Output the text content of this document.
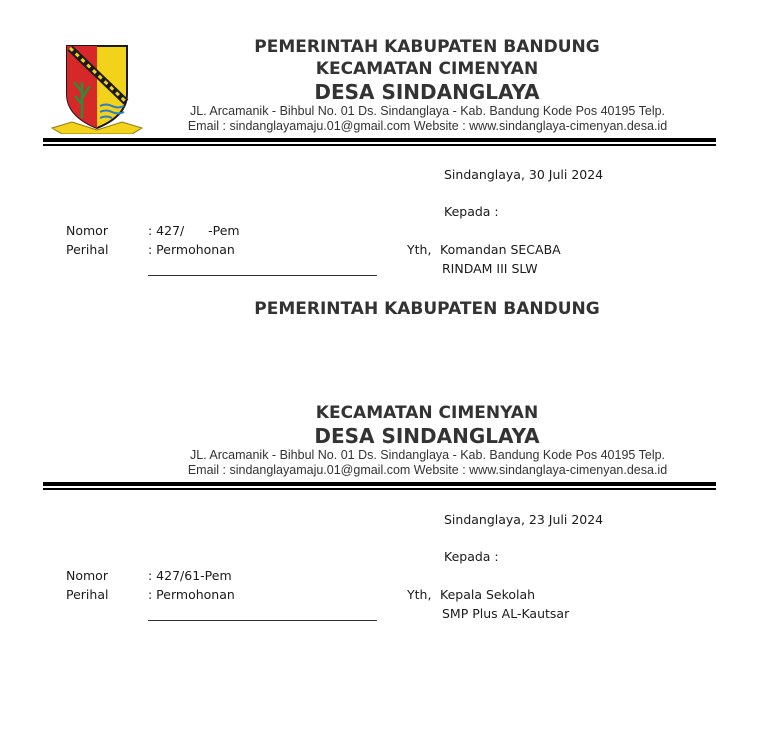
PEMERINTAH KABUPATEN BANDUNG
KECAMATAN CIMENYAN
DESA SINDANGLAYA
JL. Arcamanik - Bihbul No. 01 Ds. Sindanglaya - Kab. Bandung Kode Pos 40195 Telp.
Email : sindanglayamaju.01@gmail.com Website : www.sindanglaya-cimenyan.desa.id
Sindanglaya, 30 Juli 2024
Kepada :
Nomor	: 427/      -Pem
Perihal	: Permohonan	Yth, Komandan SECABA
RINDAM III SLW
PEMERINTAH KABUPATEN BANDUNG
KECAMATAN CIMENYAN
DESA SINDANGLAYA
JL. Arcamanik - Bihbul No. 01 Ds. Sindanglaya - Kab. Bandung Kode Pos 40195 Telp.
Email : sindanglayamaju.01@gmail.com Website : www.sindanglaya-cimenyan.desa.id
Sindanglaya, 23 Juli 2024
Kepada :
Nomor	: 427/61-Pem
Perihal	: Permohonan	Yth, Kepala Sekolah
SMP Plus AL-Kautsar
